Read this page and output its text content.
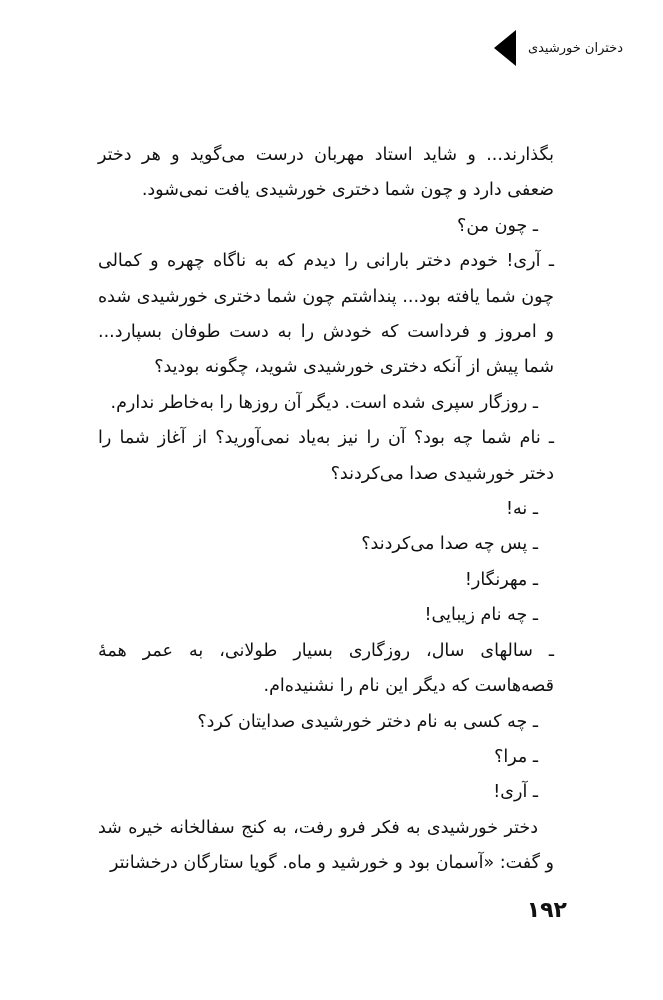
دختران خورشیدی

بگذارند... و شاید استاد مهربان درست می‌گوید و هر دختر ضعفی دارد و چون شما دختری خورشیدی یافت نمی‌شود.

ـ چون من؟

ـ آری! خودم دختر بارانی را دیدم که به ناگاه چهره و کمالی چون شما یافته بود... پنداشتم چون شما دختری خورشیدی شده و امروز و فرداست که خودش را به دست طوفان بسپارد... شما پیش از آنکه دختری خورشیدی شوید، چگونه بودید؟

ـ روزگار سپری شده است. دیگر آن روزها را به‌خاطر ندارم.

ـ نام شما چه بود؟ آن را نیز به‌یاد نمی‌آورید؟ از آغاز شما را دختر خورشیدی صدا می‌کردند؟

ـ نه!

ـ پس چه صدا می‌کردند؟

ـ مهرنگار!

ـ چه نام زیبایی!

ـ سالهای سال، روزگاری بسیار طولانی، به عمر همهٔ قصه‌هاست که دیگر این نام را نشنیده‌ام.

ـ چه کسی به نام دختر خورشیدی صدایتان کرد؟

ـ مرا؟

ـ آری!

دختر خورشیدی به فکر فرو رفت، به کنج سفالخانه خیره شد و گفت: «آسمان بود و خورشید و ماه. گویا ستارگان درخشانتر

۱۹۲
